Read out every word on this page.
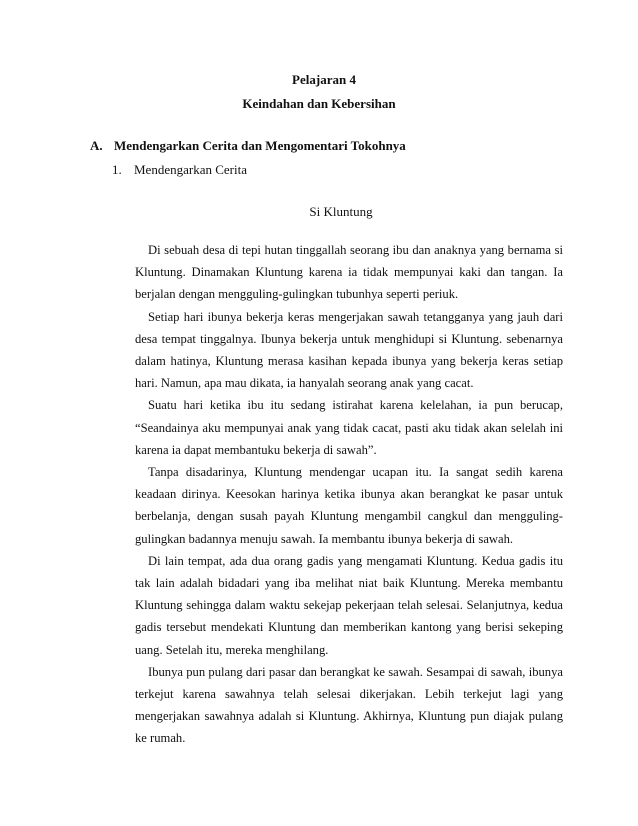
Pelajaran 4
Keindahan dan Kebersihan
A. Mendengarkan Cerita dan Mengomentari Tokohnya
1. Mendengarkan Cerita
Si Kluntung

Di sebuah desa di tepi hutan tinggallah seorang ibu dan anaknya yang bernama si Kluntung. Dinamakan Kluntung karena ia tidak mempunyai kaki dan tangan. Ia berjalan dengan mengguling-gulingkan tubunhya seperti periuk.

Setiap hari ibunya bekerja keras mengerjakan sawah tetangganya yang jauh dari desa tempat tinggalnya. Ibunya bekerja untuk menghidupi si Kluntung. sebenarnya dalam hatinya, Kluntung merasa kasihan kepada ibunya yang bekerja keras setiap hari. Namun, apa mau dikata, ia hanyalah seorang anak yang cacat.

Suatu hari ketika ibu itu sedang istirahat karena kelelahan, ia pun berucap, “Seandainya aku mempunyai anak yang tidak cacat, pasti aku tidak akan selelah ini karena ia dapat membantuku bekerja di sawah”.

Tanpa disadarinya, Kluntung mendengar ucapan itu. Ia sangat sedih karena keadaan dirinya. Keesokan harinya ketika ibunya akan berangkat ke pasar untuk berbelanja, dengan susah payah Kluntung mengambil cangkul dan mengguling-gulingkan badannya menuju sawah. Ia membantu ibunya bekerja di sawah.

Di lain tempat, ada dua orang gadis yang mengamati Kluntung. Kedua gadis itu tak lain adalah bidadari yang iba melihat niat baik Kluntung. Mereka membantu Kluntung sehingga dalam waktu sekejap pekerjaan telah selesai. Selanjutnya, kedua gadis tersebut mendekati Kluntung dan memberikan kantong yang berisi sekeping uang. Setelah itu, mereka menghilang.

Ibunya pun pulang dari pasar dan berangkat ke sawah. Sesampai di sawah, ibunya terkejut karena sawahnya telah selesai dikerjakan. Lebih terkejut lagi yang mengerjakan sawahnya adalah si Kluntung. Akhirnya, Kluntung pun diajak pulang ke rumah.
